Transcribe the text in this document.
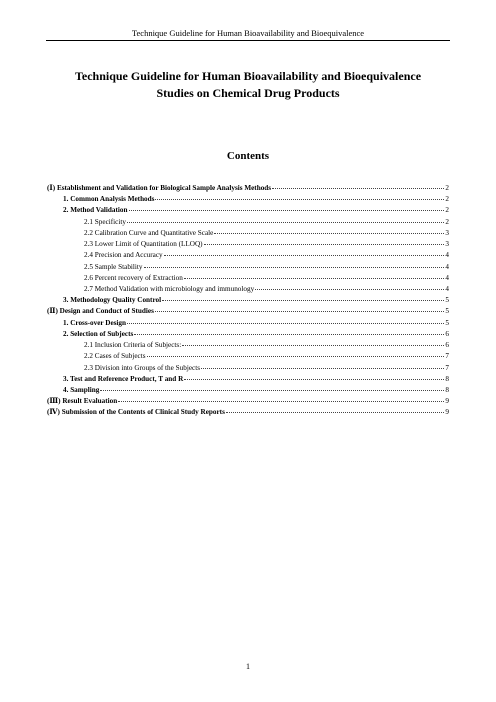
Technique Guideline for Human Bioavailability and Bioequivalence
Technique Guideline for Human Bioavailability and Bioequivalence
Studies on Chemical Drug Products
Contents
(Ⅰ) Establishment and Validation for Biological Sample Analysis Methods	2
1. Common Analysis Methods	2
2. Method Validation	2
2.1 Specificity	2
2.2 Calibration Curve and Quantitative Scale	3
2.3 Lower Limit of Quantitation (LLOQ)	3
2.4 Precision and Accuracy	4
2.5 Sample Stability	4
2.6 Percent recovery of Extraction	4
2.7 Method Validation with microbiology and immunology	4
3. Methodology Quality Control	5
(Ⅱ) Design and Conduct of Studies	5
1. Cross-over Design	5
2. Selection of Subjects	6
2.1 Inclusion Criteria of Subjects:	6
2.2 Cases of Subjects	7
2.3 Division into Groups of the Subjects	7
3. Test and Reference Product, T and R	8
4. Sampling	8
(Ⅲ) Result Evaluation	9
(Ⅳ) Submission of the Contents of Clinical Study Reports	9
1
